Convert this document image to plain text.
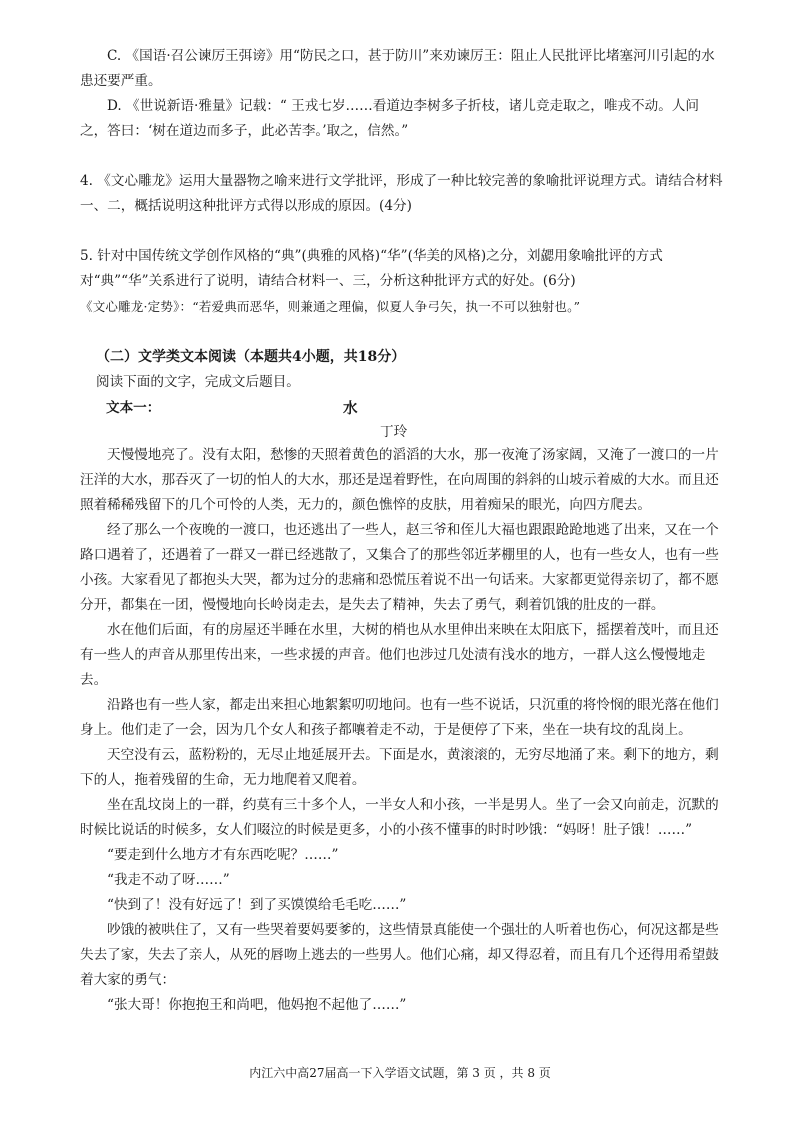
C. 《国语·召公谏厉王弭谤》用“防民之口，甚于防川”来劝谏厉王：阻止人民批评比堵塞河川引起的水患还要严重。

D. 《世说新语·雅量》记载：“ 王戎七岁……看道边李树多子折枝，诸儿竞走取之，唯戎不动。人问之，答曰：‘树在道边而多子，此必苦李。’取之，信然。”

4. 《文心雕龙》运用大量器物之喻来进行文学批评，形成了一种比较完善的象喻批评说理方式。请结合材料一、二，概括说明这种批评方式得以形成的原因。(4分)

5. 针对中国传统文学创作风格的“典”(典雅的风格)“华”(华美的风格)之分，刘勰用象喻批评的方式对“典”“华”关系进行了说明，请结合材料一、三，分析这种批评方式的好处。(6分)

《文心雕龙·定势》：“若爱典而恶华，则兼通之理偏，似夏人争弓矢，执一不可以独射也。”

（二）文学类文本阅读（本题共4小题，共18分）
阅读下面的文字，完成文后题目。
文本一：	水
丁玲

天慢慢地亮了。没有太阳，愁惨的天照着黄色的滔滔的大水，那一夜淹了汤家阔，又淹了一渡口的一片汪洋的大水，那吞灭了一切的怕人的大水，那还是逞着野性，在向周围的斜斜的山坡示着威的大水。而且还照着稀稀残留下的几个可怜的人类，无力的，颜色憔悴的皮肤，用着痴呆的眼光，向四方爬去。

经了那么一个夜晚的一渡口，也还逃出了一些人，赵三爷和侄儿大福也跟跟跄跄地逃了出来，又在一个路口遇着了，还遇着了一群又一群已经逃散了，又集合了的那些邻近茅棚里的人，也有一些女人，也有一些小孩。大家看见了都抱头大哭，都为过分的悲痛和恐慌压着说不出一句话来。大家都更觉得亲切了，都不愿分开，都集在一团，慢慢地向长岭岗走去，是失去了精神，失去了勇气，剩着饥饿的肚皮的一群。

水在他们后面，有的房屋还半睡在水里，大树的梢也从水里伸出来映在太阳底下，摇摆着茂叶，而且还有一些人的声音从那里传出来，一些求援的声音。他们也涉过几处渍有浅水的地方，一群人这么慢慢地走去。

沿路也有一些人家，都走出来担心地絮絮叨叨地问。也有一些不说话，只沉重的将怜悯的眼光落在他们身上。他们走了一会，因为几个女人和孩子都嚷着走不动，于是便停了下来，坐在一块有坟的乱岗上。

天空没有云，蓝粉粉的，无尽止地延展开去。下面是水，黄滚滚的，无穷尽地涌了来。剩下的地方，剩下的人，拖着残留的生命，无力地爬着又爬着。

坐在乱坟岗上的一群，约莫有三十多个人，一半女人和小孩，一半是男人。坐了一会又向前走，沉默的时候比说话的时候多，女人们啜泣的时候是更多，小的小孩不懂事的时时吵饿：“妈呀！肚子饿！……”

“要走到什么地方才有东西吃呢？……”

“我走不动了呀……”

“快到了！没有好远了！到了买馍馍给毛毛吃……”

吵饿的被哄住了，又有一些哭着要妈要爹的，这些情景真能使一个强壮的人听着也伤心，何况这都是些失去了家，失去了亲人，从死的唇吻上逃去的一些男人。他们心痛，却又得忍着，而且有几个还得用希望鼓着大家的勇气：

“张大哥！你抱抱王和尚吧，他妈抱不起他了……”

内江六中高27届高一下入学语文试题，第 3 页 ，共 8 页
